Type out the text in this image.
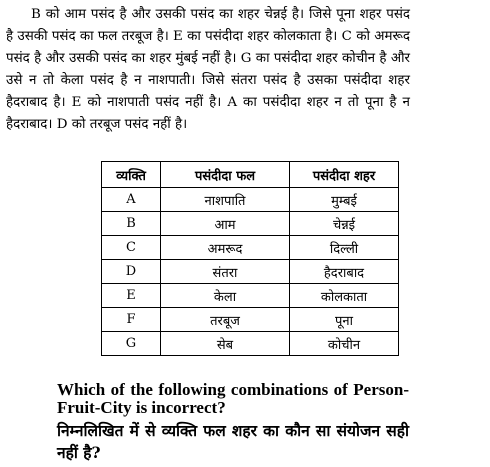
B को आम पसंद है और उसकी पसंद का शहर चेन्नई है। जिसे पूना शहर पसंद है उसकी पसंद का फल तरबूज है। E का पसंदीदा शहर कोलकाता है। C को अमरूद पसंद है और उसकी पसंद का शहर मुंबई नहीं है। G का पसंदीदा शहर कोचीन है और उसे न तो केला पसंद है न नाशपाती। जिसे संतरा पसंद है उसका पसंदीदा शहर हैदराबाद है। E को नाशपाती पसंद नहीं है। A का पसंदीदा शहर न तो पूना है न हैदराबाद। D को तरबूज पसंद नहीं है।

व्यक्ति	पसंदीदा फल	पसंदीदा शहर
A	नाशपाति	मुम्बई
B	आम	चेन्नई
C	अमरूद	दिल्ली
D	संतरा	हैदराबाद
E	केला	कोलकाता
F	तरबूज	पूना
G	सेब	कोचीन

Which of the following combinations of Person-Fruit-City is incorrect?

निम्नलिखित में से व्यक्ति फल शहर का कौन सा संयोजन सही नहीं है?
